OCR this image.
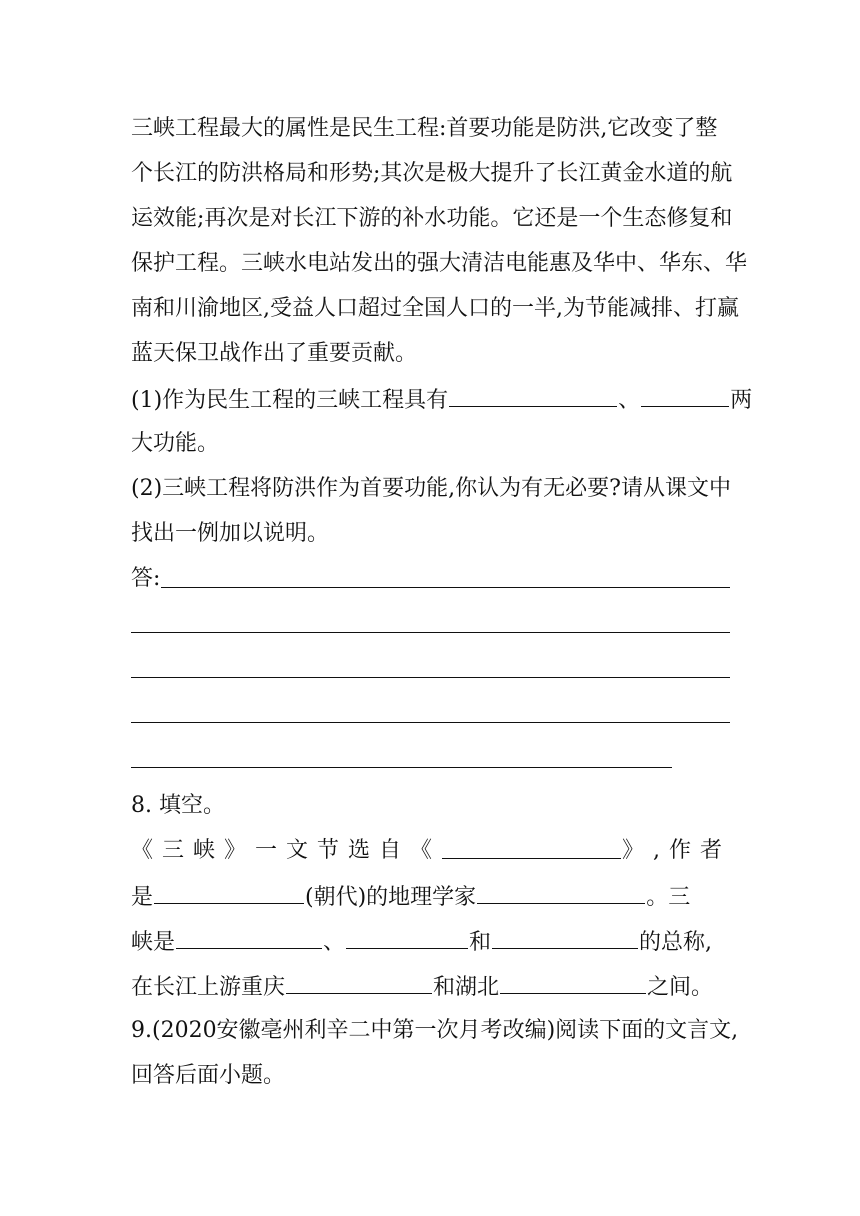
三峡工程最大的属性是民生工程:首要功能是防洪,它改变了整
个长江的防洪格局和形势;其次是极大提升了长江黄金水道的航
运效能;再次是对长江下游的补水功能。它还是一个生态修复和
保护工程。三峡水电站发出的强大清洁电能惠及华中、华东、华
南和川渝地区,受益人口超过全国人口的一半,为节能减排、打赢
蓝天保卫战作出了重要贡献。
(1)作为民生工程的三峡工程具有	、	两
大功能。
(2)三峡工程将防洪作为首要功能,你认为有无必要?请从课文中
找出一例加以说明。
答:
8. 填空。
《三峡》一文节选自《	》,作者
是	(朝代)的地理学家	。三
峡是	、	和	的总称,
在长江上游重庆	和湖北	之间。
9.(2020安徽亳州利辛二中第一次月考改编)阅读下面的文言文,
回答后面小题。
